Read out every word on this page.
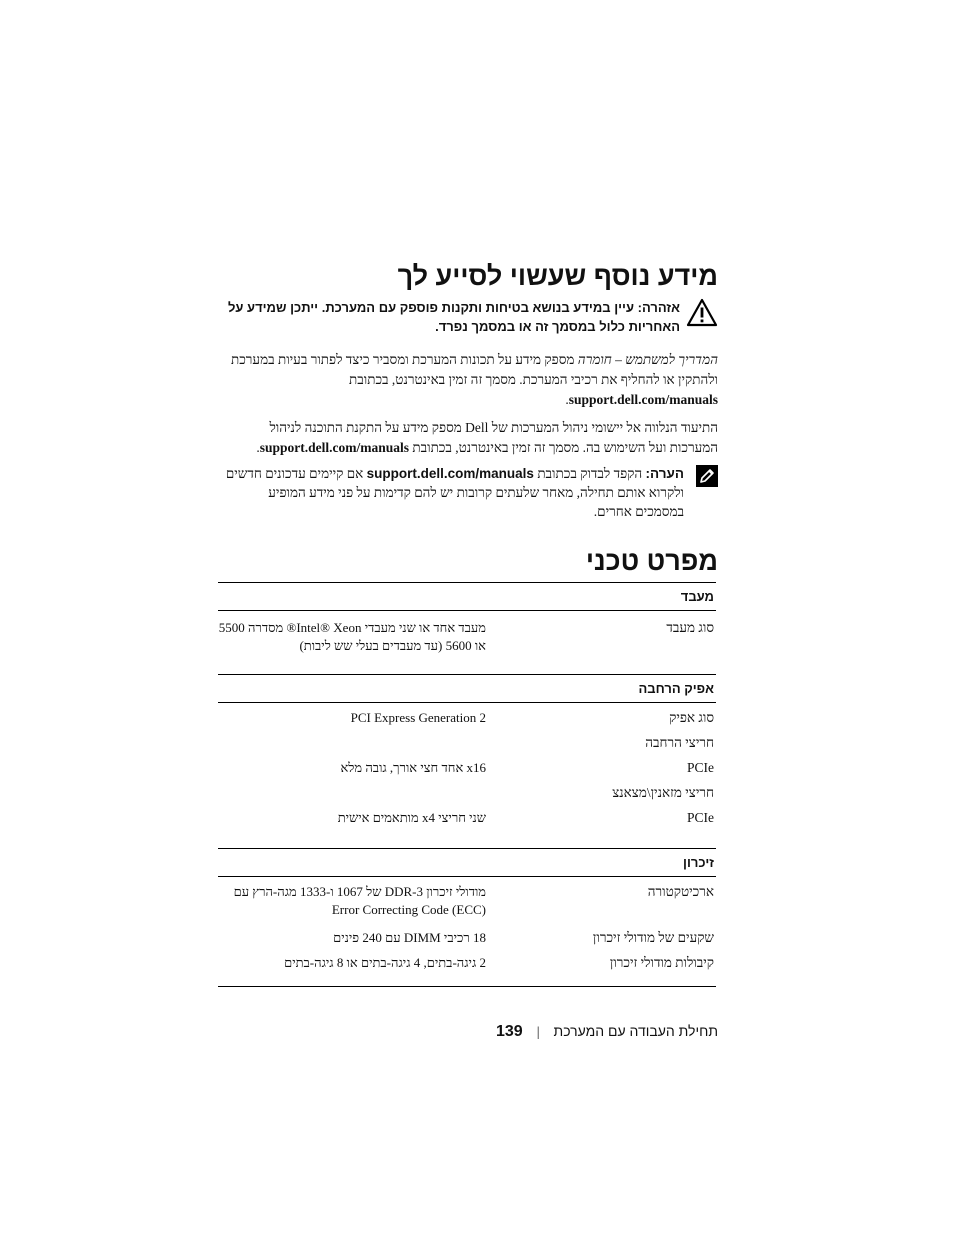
מידע נוסף שעשוי לסייע לך
אזהרה: עיין במידע בנושא בטיחות ותקנות פוספק עם המערכת. ייתכן שמידע על האחריות כלול במסמך זה או במסמך נפרד.
המדריך למשתמש – חומרה מספק מידע על תכונות המערכת ומסביר כיצד לפתור בעיות במערכת ולהתקין או להחליף את רכיבי המערכת. מסמך זה זמין באינטרנט, בכתובת support.dell.com/manuals.
התיעוד הנלווה אל יישומי ניהול המערכות של Dell מספק מידע על התקנת התוכנה לניהול המערכות ועל השימוש בה. מסמך זה זמין באינטרנט, בכתובת support.dell.com/manuals.
הערה: הקפד לבדוק בכתובת support.dell.com/manuals אם קיימים עדכונים חדשים ולקרוא אותם תחילה, מאחר שלעתים קרובות יש להם קדימות על פני מידע המופיע במסמכים אחרים.
מפרט טכני
מעבד
סוג מעבד
מעבד אחד או שני מעבדי Intel® Xeon® מסדרה 5500 או 5600 (עד מעבדים בעלי שש ליבות)
אפיק הרחבה
סוג אפיק
PCI Express Generation 2
חריצי הרחבה
PCIe
x16 אחד חצי אורך, גובה מלא
חריצי מזאנין\מצאנצ
PCIe
שני חריצי x4 מותאמים אישית
זיכרון
ארכיטקטורה
מודולי זיכרון DDR-3 של 1067 ו-1333 מגה-הרץ עם Error Correcting Code (ECC)
שקעים של מודולי זיכרון
18 רכיבי DIMM עם 240 פינים
קיבולות מודולי זיכרון
2 גיגה-בתים, 4 גיגה-בתים או 8 גיגה-בתים
תחילת העבודה עם המערכת|139
